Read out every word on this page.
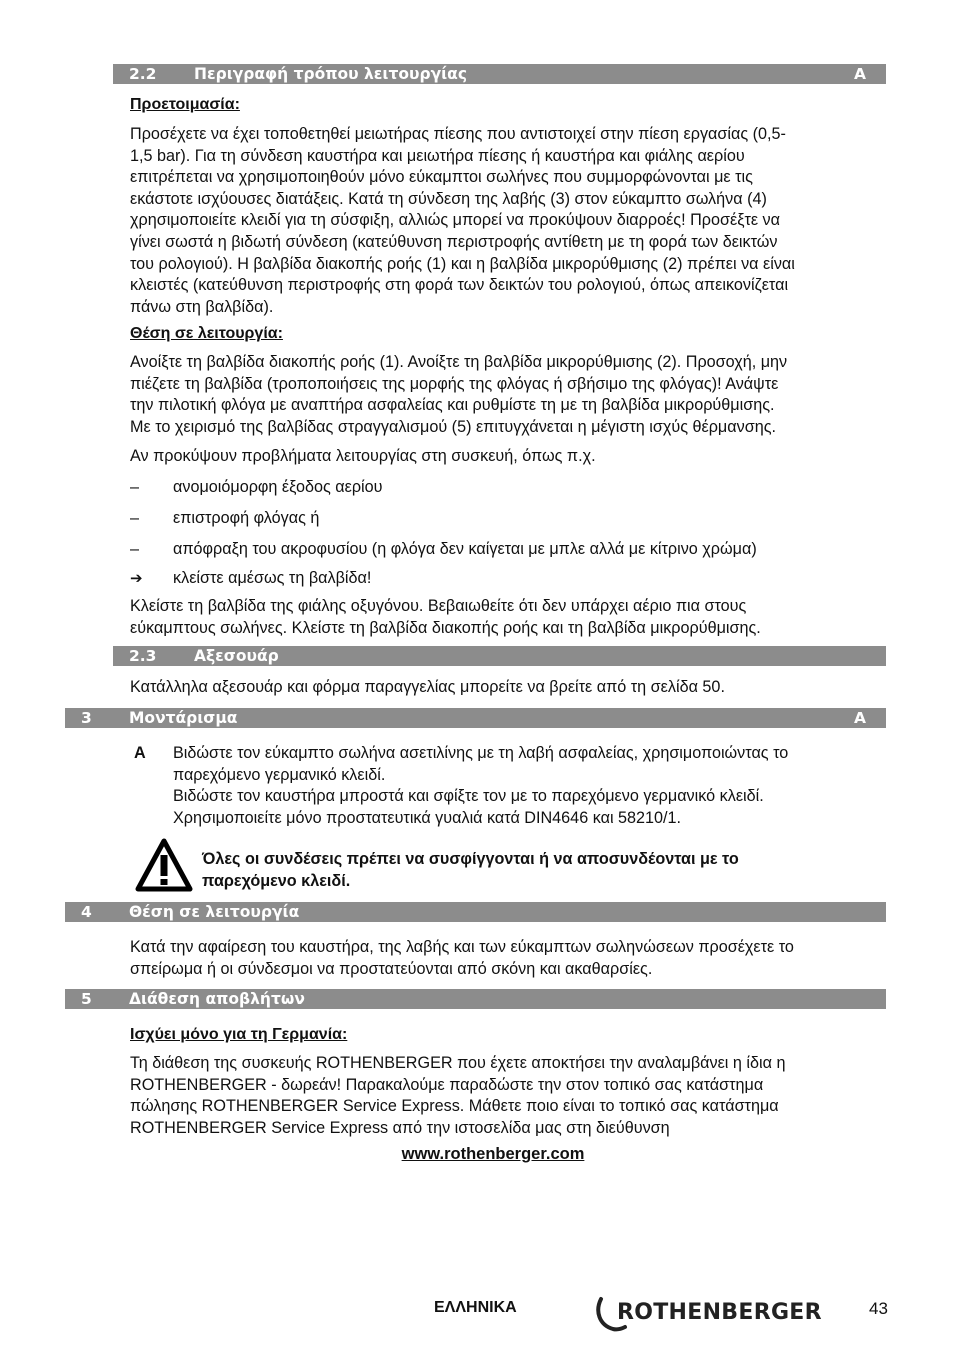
2.2 Περιγραφή τρόπου λειτουργίας	A
Προετοιμασία:
Προσέχετε να έχει τοποθετηθεί μειωτήρας πίεσης που αντιστοιχεί στην πίεση εργασίας (0,5-
1,5 bar). Για τη σύνδεση καυστήρα και μειωτήρα πίεσης ή καυστήρα και φιάλης αερίου
επιτρέπεται να χρησιμοποιηθούν μόνο εύκαμπτοι σωλήνες που συμμορφώνονται με τις
εκάστοτε ισχύουσες διατάξεις. Κατά τη σύνδεση της λαβής (3) στον εύκαμπτο σωλήνα (4)
χρησιμοποιείτε κλειδί για τη σύσφιξη, αλλιώς μπορεί να προκύψουν διαρροές! Προσέξτε να
γίνει σωστά η βιδωτή σύνδεση (κατεύθυνση περιστροφής αντίθετη με τη φορά των δεικτών
του ρολογιού). Η βαλβίδα διακοπής ροής (1) και η βαλβίδα μικρορύθμισης (2) πρέπει να είναι
κλειστές (κατεύθυνση περιστροφής στη φορά των δεικτών του ρολογιού, όπως απεικονίζεται
πάνω στη βαλβίδα).
Θέση σε λειτουργία:
Ανοίξτε τη βαλβίδα διακοπής ροής (1). Ανοίξτε τη βαλβίδα μικρορύθμισης (2). Προσοχή, μην
πιέζετε τη βαλβίδα (τροποποιήσεις της μορφής της φλόγας ή σβήσιμο της φλόγας)! Ανάψτε
την πιλοτική φλόγα με αναπτήρα ασφαλείας και ρυθμίστε τη με τη βαλβίδα μικρορύθμισης.
Με το χειρισμό της βαλβίδας στραγγαλισμού (5) επιτυγχάνεται η μέγιστη ισχύς θέρμανσης.
Αν προκύψουν προβλήματα λειτουργίας στη συσκευή, όπως π.χ.
–	ανομοιόμορφη έξοδος αερίου
–	επιστροφή φλόγας ή
–	απόφραξη του ακροφυσίου (η φλόγα δεν καίγεται με μπλε αλλά με κίτρινο χρώμα)
➔	κλείστε αμέσως τη βαλβίδα!
Κλείστε τη βαλβίδα της φιάλης οξυγόνου. Βεβαιωθείτε ότι δεν υπάρχει αέριο πια στους
εύκαμπτους σωλήνες. Κλείστε τη βαλβίδα διακοπής ροής και τη βαλβίδα μικρορύθμισης.
2.3 Αξεσουάρ
Κατάλληλα αξεσουάρ και φόρμα παραγγελίας μπορείτε να βρείτε από τη σελίδα 50.
3 Μοντάρισμα	A
A Βιδώστε τον εύκαμπτο σωλήνα ασετιλίνης με τη λαβή ασφαλείας, χρησιμοποιώντας το
παρεχόμενο γερμανικό κλειδί.
Βιδώστε τον καυστήρα μπροστά και σφίξτε τον με το παρεχόμενο γερμανικό κλειδί.
Χρησιμοποιείτε μόνο προστατευτικά γυαλιά κατά DIN4646 και 58210/1.
Όλες οι συνδέσεις πρέπει να συσφίγγονται ή να αποσυνδέονται με το
παρεχόμενο κλειδί.
4 Θέση σε λειτουργία
Κατά την αφαίρεση του καυστήρα, της λαβής και των εύκαμπτων σωληνώσεων προσέχετε το
σπείρωμα ή οι σύνδεσμοι να προστατεύονται από σκόνη και ακαθαρσίες.
5 Διάθεση αποβλήτων
Ισχύει μόνο για τη Γερμανία:
Τη διάθεση της συσκευής ROTHENBERGER που έχετε αποκτήσει την αναλαμβάνει η ίδια η
ROTHENBERGER - δωρεάν! Παρακαλούμε παραδώστε την στον τοπικό σας κατάστημα
πώλησης ROTHENBERGER Service Express. Μάθετε ποιο είναι το τοπικό σας κατάστημα
ROTHENBERGER Service Express από την ιστοσελίδα μας στη διεύθυνση
www.rothenberger.com
ΕΛΛΗΝΙΚΑ	ROTHENBERGER	43
